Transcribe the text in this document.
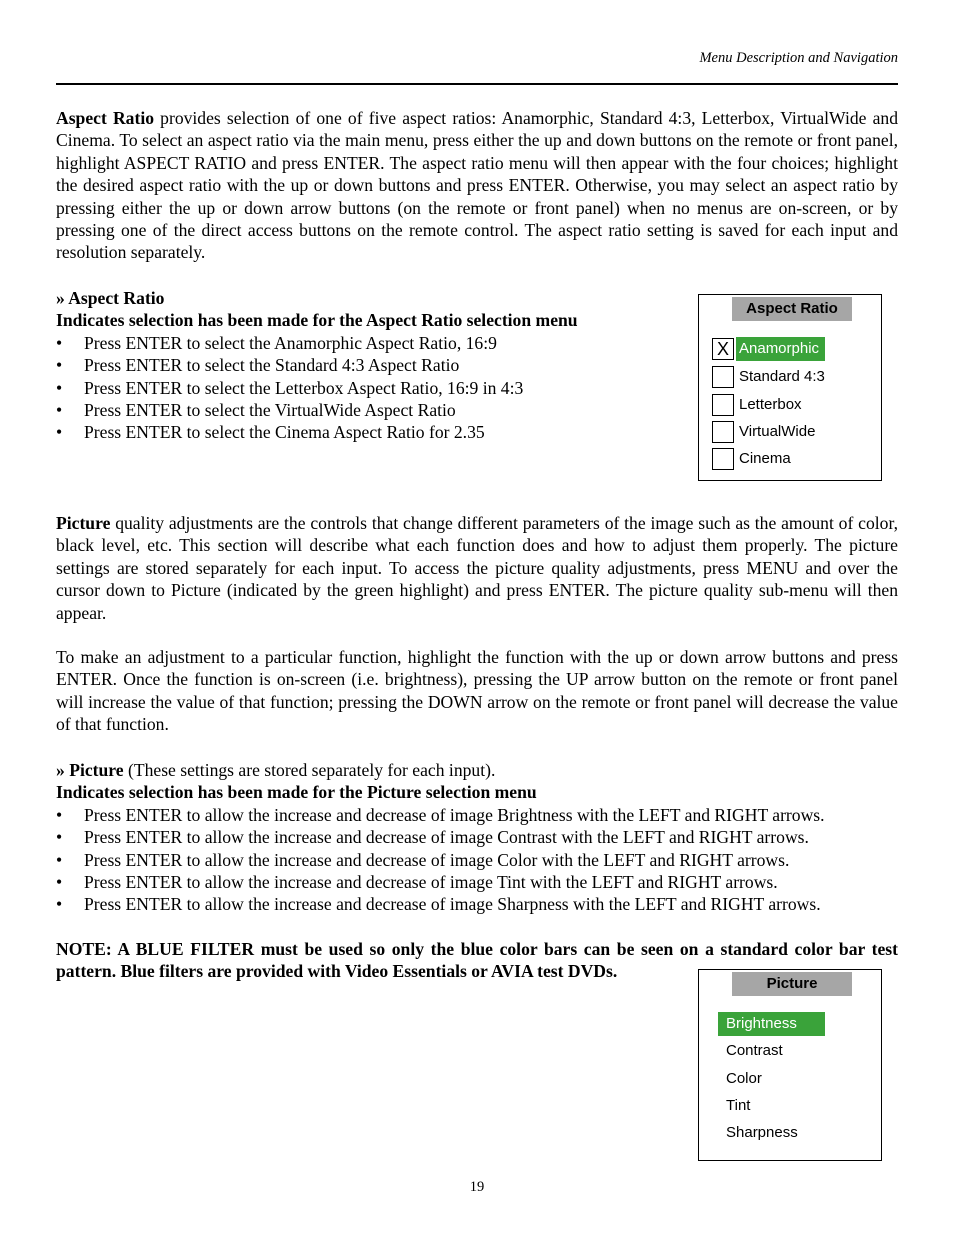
Menu Description and Navigation
Aspect Ratio provides selection of one of five aspect ratios: Anamorphic, Standard 4:3, Letterbox, VirtualWide and Cinema. To select an aspect ratio via the main menu, press either the up and down buttons on the remote or front panel, highlight ASPECT RATIO and press ENTER. The aspect ratio menu will then appear with the four choices; highlight the desired aspect ratio with the up or down buttons and press ENTER. Otherwise, you may select an aspect ratio by pressing either the up or down arrow buttons (on the remote or front panel) when no menus are on-screen, or by pressing one of the direct access buttons on the remote control. The aspect ratio setting is saved for each input and resolution separately.
» Aspect Ratio
Indicates selection has been made for the Aspect Ratio selection menu
• Press ENTER to select the Anamorphic Aspect Ratio, 16:9
• Press ENTER to select the Standard 4:3 Aspect Ratio
• Press ENTER to select the Letterbox Aspect Ratio, 16:9 in 4:3
• Press ENTER to select the VirtualWide Aspect Ratio
• Press ENTER to select the Cinema Aspect Ratio for 2.35
Aspect Ratio
X Anamorphic
Standard 4:3
Letterbox
VirtualWide
Cinema
Picture quality adjustments are the controls that change different parameters of the image such as the amount of color, black level, etc. This section will describe what each function does and how to adjust them properly. The picture settings are stored separately for each input. To access the picture quality adjustments, press MENU and over the cursor down to Picture (indicated by the green highlight) and press ENTER. The picture quality sub-menu will then appear.
To make an adjustment to a particular function, highlight the function with the up or down arrow buttons and press ENTER. Once the function is on-screen (i.e. brightness), pressing the UP arrow button on the remote or front panel will increase the value of that function; pressing the DOWN arrow on the remote or front panel will decrease the value of that function.
» Picture (These settings are stored separately for each input).
Indicates selection has been made for the Picture selection menu
• Press ENTER to allow the increase and decrease of image Brightness with the LEFT and RIGHT arrows.
• Press ENTER to allow the increase and decrease of image Contrast with the LEFT and RIGHT arrows.
• Press ENTER to allow the increase and decrease of image Color with the LEFT and RIGHT arrows.
• Press ENTER to allow the increase and decrease of image Tint with the LEFT and RIGHT arrows.
• Press ENTER to allow the increase and decrease of image Sharpness with the LEFT and RIGHT arrows.
NOTE: A BLUE FILTER must be used so only the blue color bars can be seen on a standard color bar test pattern. Blue filters are provided with Video Essentials or AVIA test DVDs.
Picture
Brightness
Contrast
Color
Tint
Sharpness
19
